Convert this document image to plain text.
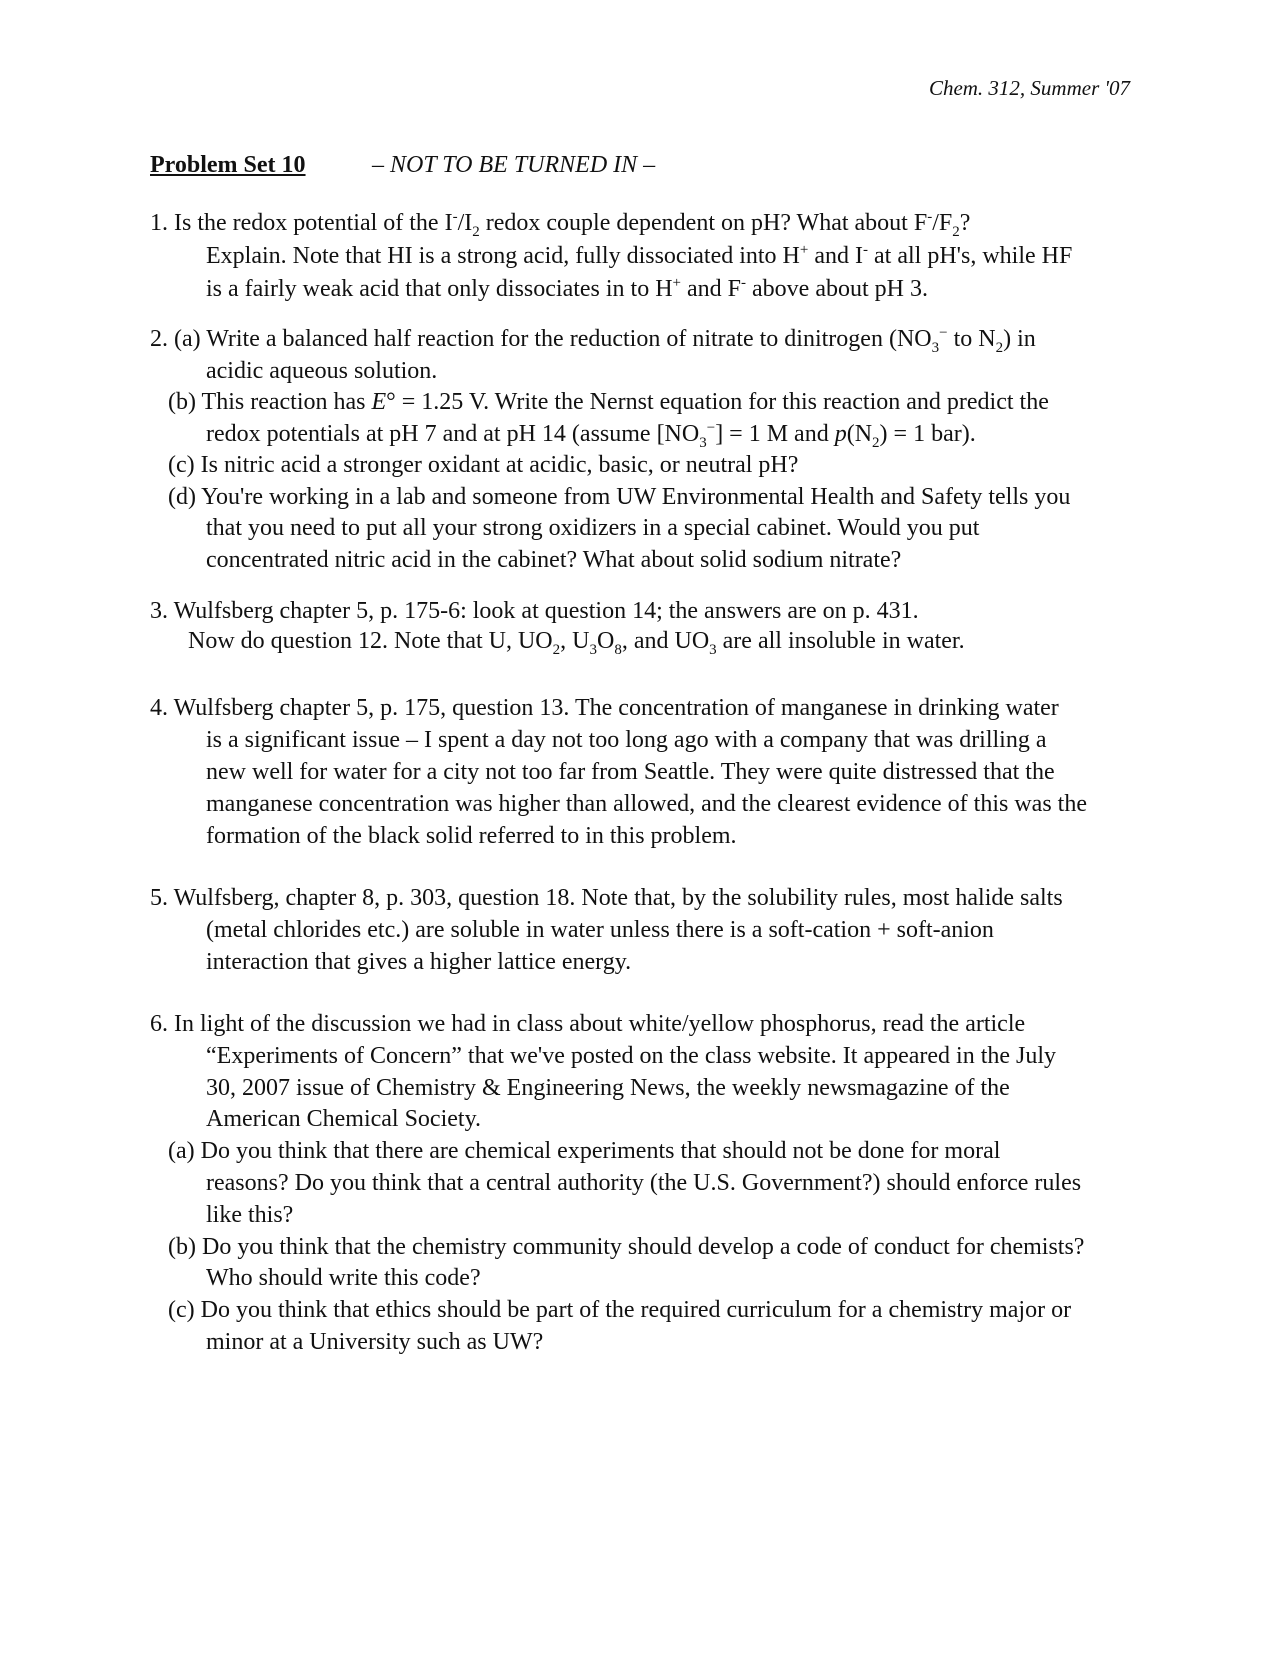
Chem. 312, Summer '07
Problem Set 10	– NOT TO BE TURNED IN –

1. Is the redox potential of the $I^-/I_2$ redox couple dependent on pH? What about $F^-/F_2$?

Explain. Note that HI is a strong acid, fully dissociated into H+ and I- at all pH's, while HF

is a fairly weak acid that only dissociates in to H+ and F- above about pH 3.

2. (a) Write a balanced half reaction for the reduction of nitrate to dinitrogen ($NO_3^-$ to $N_2$) in

acidic aqueous solution.

(b) This reaction has E° = 1.25 V. Write the Nernst equation for this reaction and predict the

redox potentials at pH 7 and at pH 14 (assume $[NO_3^-] = 1$ M and $p(N_2) = 1$ bar).

(c) Is nitric acid a stronger oxidant at acidic, basic, or neutral pH?

(d) You're working in a lab and someone from UW Environmental Health and Safety tells you

that you need to put all your strong oxidizers in a special cabinet. Would you put

concentrated nitric acid in the cabinet? What about solid sodium nitrate?

3. Wulfsberg chapter 5, p. 175-6: look at question 14; the answers are on p. 431.

Now do question 12. Note that U, $UO_2$, $U_3O_8$, and $UO_3$ are all insoluble in water.

4. Wulfsberg chapter 5, p. 175, question 13. The concentration of manganese in drinking water

is a significant issue – I spent a day not too long ago with a company that was drilling a

new well for water for a city not too far from Seattle. They were quite distressed that the

manganese concentration was higher than allowed, and the clearest evidence of this was the

formation of the black solid referred to in this problem.

5. Wulfsberg, chapter 8, p. 303, question 18. Note that, by the solubility rules, most halide salts

(metal chlorides etc.) are soluble in water unless there is a soft-cation + soft-anion

interaction that gives a higher lattice energy.

6. In light of the discussion we had in class about white/yellow phosphorus, read the article

“Experiments of Concern” that we've posted on the class website. It appeared in the July

30, 2007 issue of Chemistry & Engineering News, the weekly newsmagazine of the

American Chemical Society.

(a) Do you think that there are chemical experiments that should not be done for moral

reasons? Do you think that a central authority (the U.S. Government?) should enforce rules

like this?

(b) Do you think that the chemistry community should develop a code of conduct for chemists?

Who should write this code?

(c) Do you think that ethics should be part of the required curriculum for a chemistry major or

minor at a University such as UW?
